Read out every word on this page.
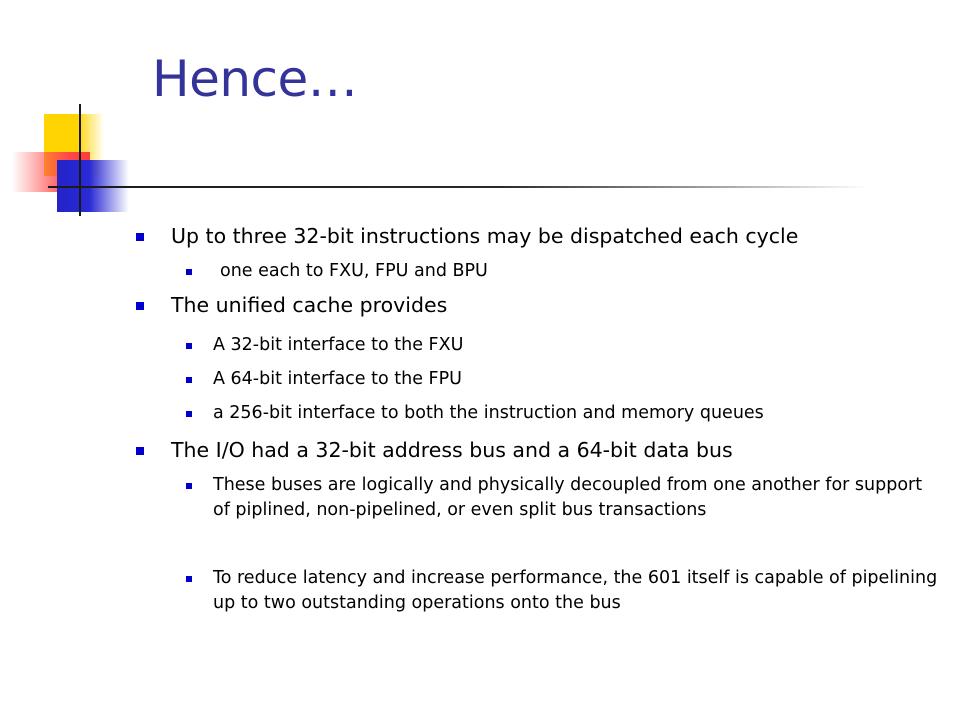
Hence…

Up to three 32-bit instructions may be dispatched each cycle

one each to FXU, FPU and BPU

The unified cache provides

A 32-bit interface to the FXU

A 64-bit interface to the FPU

a 256-bit interface to both the instruction and memory queues

The I/O had a 32-bit address bus and a 64-bit data bus

These buses are logically and physically decoupled from one another for support of piplined, non-pipelined, or even split bus transactions

To reduce latency and increase performance, the 601 itself is capable of pipelining up to two outstanding operations onto the bus
